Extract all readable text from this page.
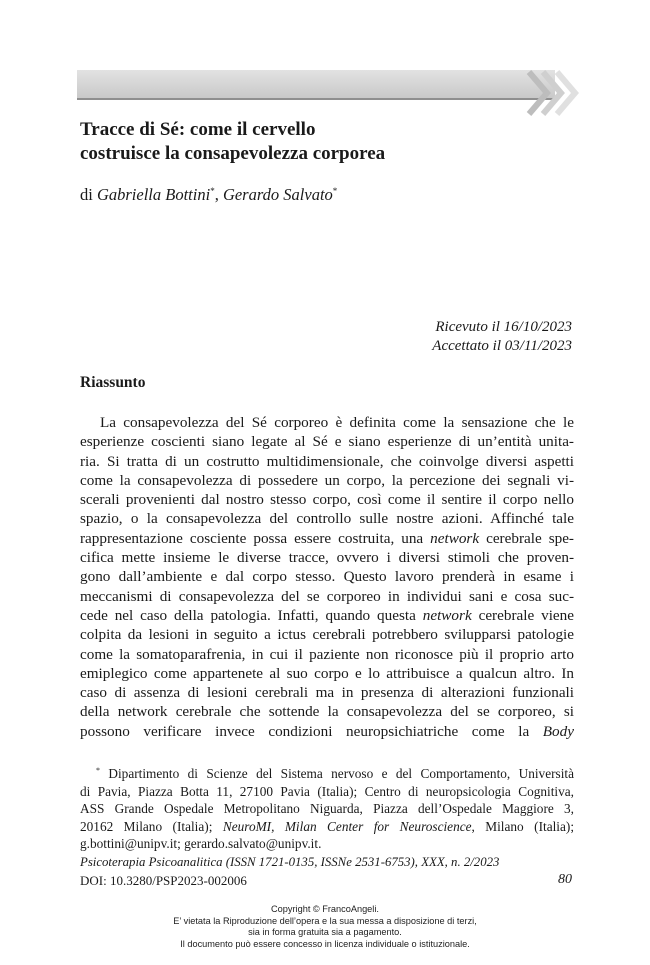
Tracce di Sé: come il cervello
costruisce la consapevolezza corporea
di Gabriella Bottini*, Gerardo Salvato*
Ricevuto il 16/10/2023
Accettato il 03/11/2023
Riassunto
La consapevolezza del Sé corporeo è definita come la sensazione che le
esperienze coscienti siano legate al Sé e siano esperienze di un’entità unita-
ria. Si tratta di un costrutto multidimensionale, che coinvolge diversi aspetti
come la consapevolezza di possedere un corpo, la percezione dei segnali vi-
scerali provenienti dal nostro stesso corpo, così come il sentire il corpo nello
spazio, o la consapevolezza del controllo sulle nostre azioni. Affinché tale
rappresentazione cosciente possa essere costruita, una network cerebrale spe-
cifica mette insieme le diverse tracce, ovvero i diversi stimoli che proven-
gono dall’ambiente e dal corpo stesso. Questo lavoro prenderà in esame i
meccanismi di consapevolezza del se corporeo in individui sani e cosa suc-
cede nel caso della patologia. Infatti, quando questa network cerebrale viene
colpita da lesioni in seguito a ictus cerebrali potrebbero svilupparsi patologie
come la somatoparafrenia, in cui il paziente non riconosce più il proprio arto
emiplegico come appartenete al suo corpo e lo attribuisce a qualcun altro. In
caso di assenza di lesioni cerebrali ma in presenza di alterazioni funzionali
della network cerebrale che sottende la consapevolezza del se corporeo, si
possono verificare invece condizioni neuropsichiatriche come la Body
* Dipartimento di Scienze del Sistema nervoso e del Comportamento, Università
di Pavia, Piazza Botta 11, 27100 Pavia (Italia); Centro di neuropsicologia Cognitiva,
ASS Grande Ospedale Metropolitano Niguarda, Piazza dell’Ospedale Maggiore 3,
20162 Milano (Italia); NeuroMI, Milan Center for Neuroscience, Milano (Italia);
g.bottini@unipv.it; gerardo.salvato@unipv.it.
Psicoterapia Psicoanalitica (ISSN 1721-0135, ISSNe 2531-6753), XXX, n. 2/2023
DOI: 10.3280/PSP2023-002006	80
Copyright © FrancoAngeli.
E’ vietata la Riproduzione dell’opera e la sua messa a disposizione di terzi,
sia in forma gratuita sia a pagamento.
Il documento può essere concesso in licenza individuale o istituzionale.
